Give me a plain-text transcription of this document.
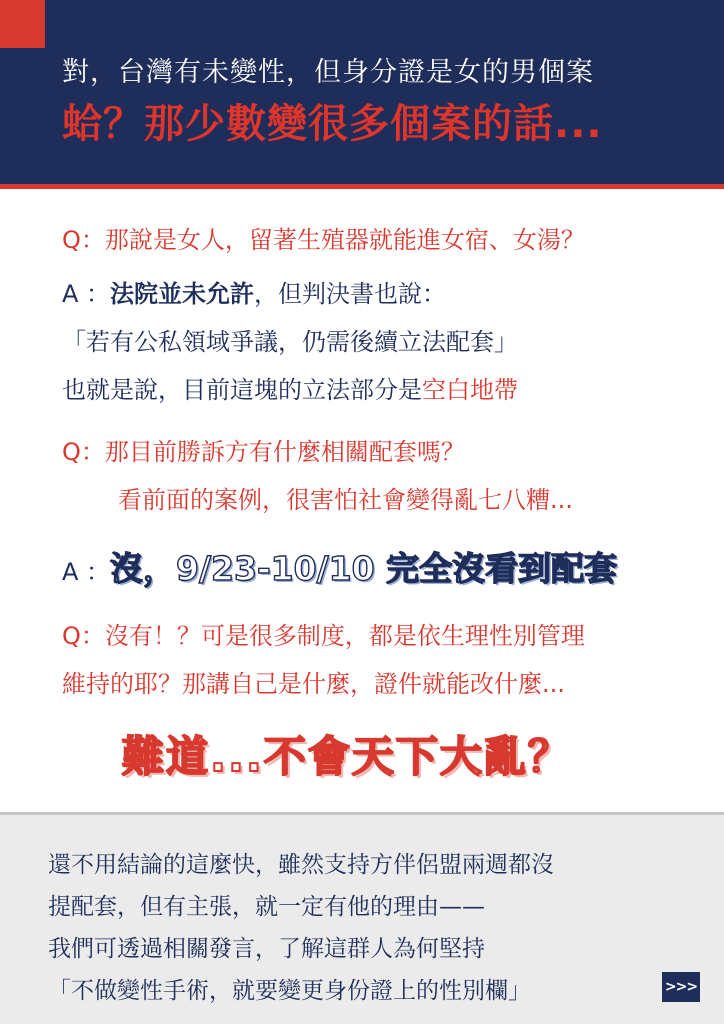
對，台灣有未變性，但身分證是女的男個案
蛤？那少數變很多個案的話...
Q：那說是女人，留著生殖器就能進女宿、女湯？
A ：法院並未允許，但判決書也說：
「若有公私領域爭議，仍需後續立法配套」
也就是說，目前這塊的立法部分是空白地帶
Q：那目前勝訴方有什麼相關配套嗎？
看前面的案例，很害怕社會變得亂七八糟...
A ：沒，9/23-10/10 完全沒看到配套
Q：沒有！？可是很多制度，都是依生理性別管理
維持的耶？那講自己是什麼，證件就能改什麼...
難道...不會天下大亂？
還不用結論的這麼快，雖然支持方伴侶盟兩週都沒
提配套，但有主張，就一定有他的理由——
我們可透過相關發言，了解這群人為何堅持
「不做變性手術，就要變更身份證上的性別欄」	>>>
